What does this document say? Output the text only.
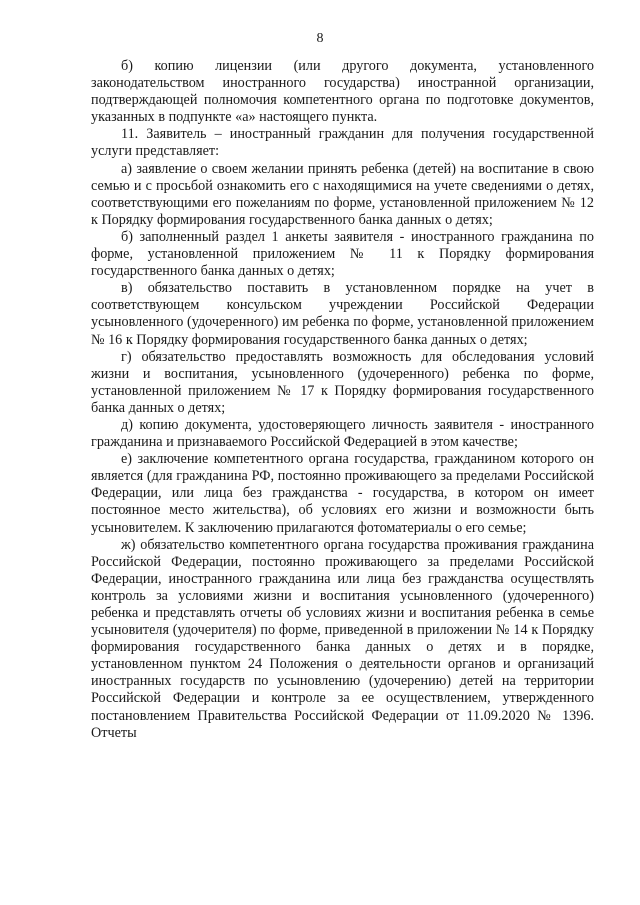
8

б) копию лицензии (или другого документа, установленного законодательством иностранного государства) иностранной организации, подтверждающей полномочия компетентного органа по подготовке документов, указанных в подпункте «а» настоящего пункта.

11. Заявитель – иностранный гражданин для получения государственной услуги представляет:

а) заявление о своем желании принять ребенка (детей) на воспитание в свою семью и с просьбой ознакомить его с находящимися на учете сведениями о детях, соответствующими его пожеланиям по форме, установленной приложением № 12 к Порядку формирования государственного банка данных о детях;

б) заполненный раздел 1 анкеты заявителя - иностранного гражданина по форме, установленной приложением № 11 к Порядку формирования государственного банка данных о детях;

в) обязательство поставить в установленном порядке на учет в соответствующем консульском учреждении Российской Федерации усыновленного (удочеренного) им ребенка по форме, установленной приложением № 16 к Порядку формирования государственного банка данных о детях;

г) обязательство предоставлять возможность для обследования условий жизни и воспитания, усыновленного (удочеренного) ребенка по форме, установленной приложением № 17 к Порядку формирования государственного банка данных о детях;

д) копию документа, удостоверяющего личность заявителя - иностранного гражданина и признаваемого Российской Федерацией в этом качестве;

е) заключение компетентного органа государства, гражданином которого он является (для гражданина РФ, постоянно проживающего за пределами Российской Федерации, или лица без гражданства - государства, в котором он имеет постоянное место жительства), об условиях его жизни и возможности быть усыновителем. К заключению прилагаются фотоматериалы о его семье;

ж) обязательство компетентного органа государства проживания гражданина Российской Федерации, постоянно проживающего за пределами Российской Федерации, иностранного гражданина или лица без гражданства осуществлять контроль за условиями жизни и воспитания усыновленного (удочеренного) ребенка и представлять отчеты об условиях жизни и воспитания ребенка в семье усыновителя (удочерителя) по форме, приведенной в приложении № 14 к Порядку формирования государственного банка данных о детях и в порядке, установленном пунктом 24 Положения о деятельности органов и организаций иностранных государств по усыновлению (удочерению) детей на территории Российской Федерации и контроле за ее осуществлением, утвержденного постановлением Правительства Российской Федерации от 11.09.2020 № 1396. Отчеты
